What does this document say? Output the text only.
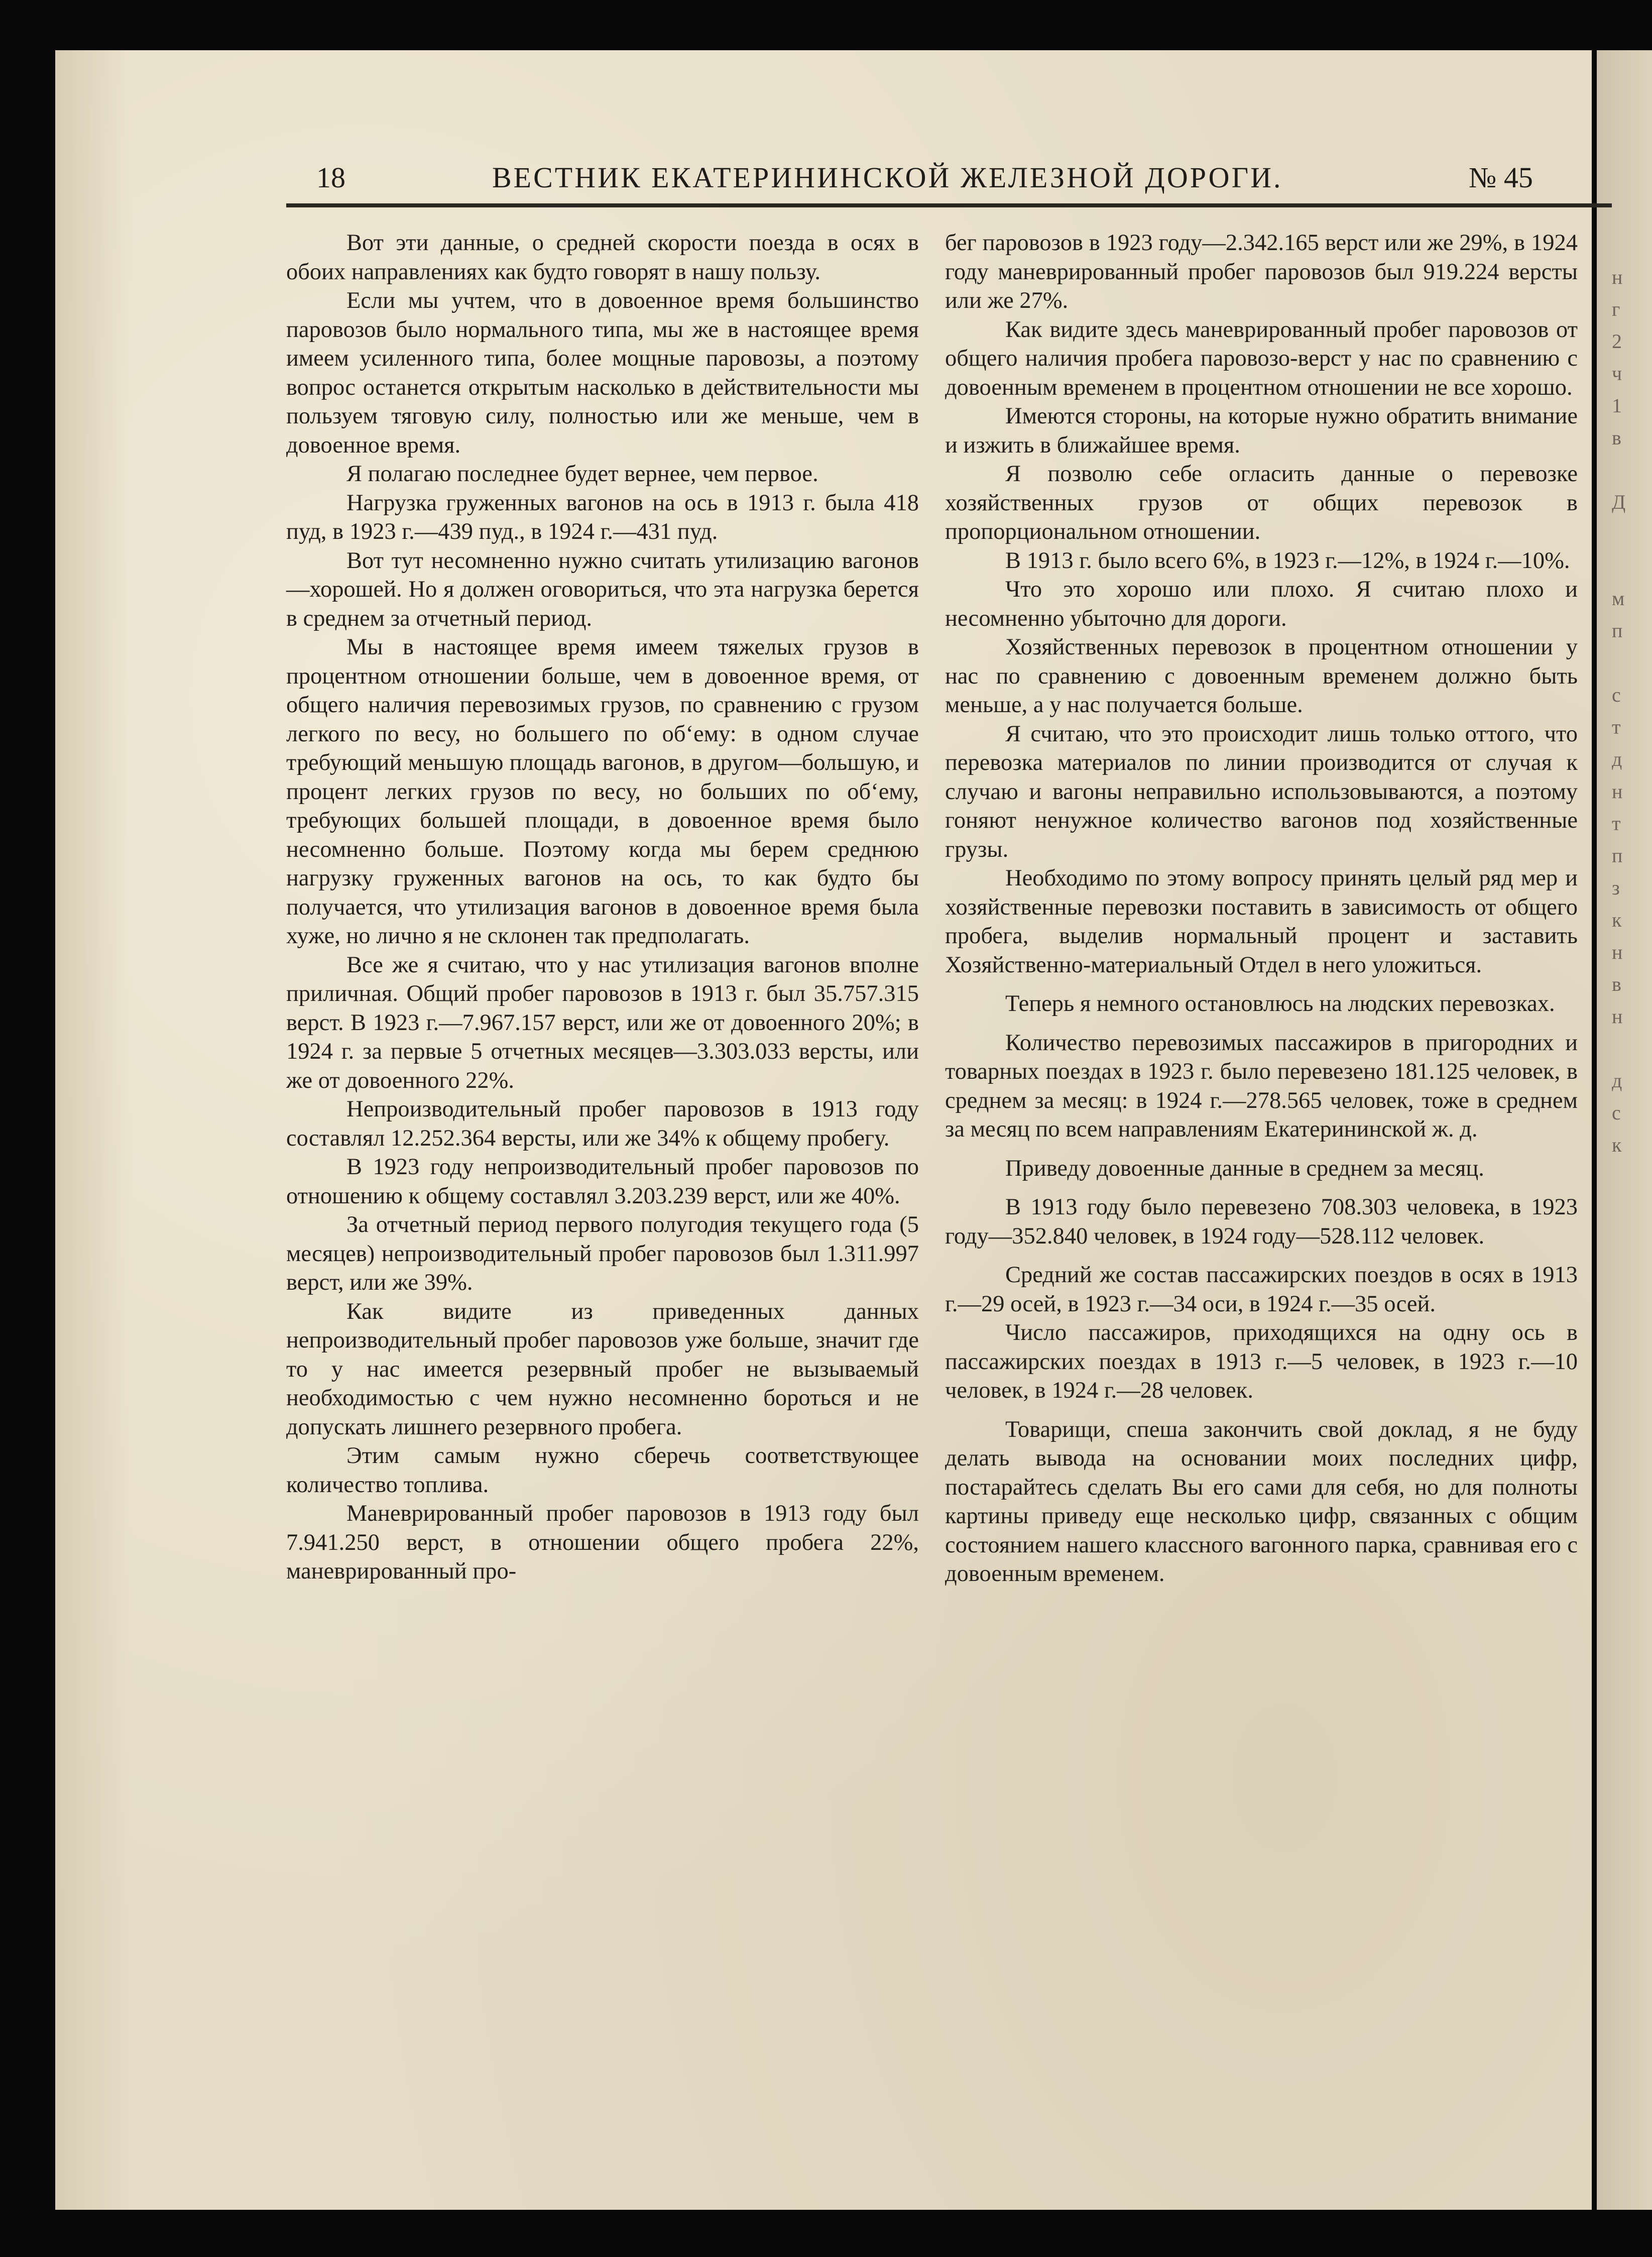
н
г
2
ч
1
в

Д

м
п

с
т
д
н
т
п
з
к
н
в
н

д
с
к
18	ВЕСТНИК ЕКАТЕРИНИНСКОЙ ЖЕЛЕЗНОЙ ДОРОГИ.	№ 45

Вот эти данные, о средней скорости поезда в осях в обоих направлениях как будто говорят в нашу пользу.

Если мы учтем, что в довоенное время большинство паровозов было нормального типа, мы же в настоящее время имеем усиленного типа, более мощные паровозы, а поэтому вопрос останется открытым насколько в действительности мы пользуем тяговую силу, полностью или же меньше, чем в довоенное время.

Я полагаю последнее будет вернее, чем первое.

Нагрузка груженных вагонов на ось в 1913 г. была 418 пуд, в 1923 г.—439 пуд., в 1924 г.—431 пуд.

Вот тут несомненно нужно считать утилизацию вагонов—хорошей. Но я должен оговориться, что эта нагрузка берется в среднем за отчетный период.

Мы в настоящее время имеем тяжелых грузов в процентном отношении больше, чем в довоенное время, от общего наличия перевозимых грузов, по сравнению с грузом легкого по весу, но большего по об‘ему: в одном случае требующий меньшую площадь вагонов, в другом—большую, и процент легких грузов по весу, но больших по об‘ему, требующих большей площади, в довоенное время было несомненно больше. Поэтому когда мы берем среднюю нагрузку груженных вагонов на ось, то как будто бы получается, что утилизация вагонов в довоенное время была хуже, но лично я не склонен так предполагать.

Все же я считаю, что у нас утилизация вагонов вполне приличная. Общий пробег паровозов в 1913 г. был 35.757.315 верст. В 1923 г.—7.967.157 верст, или же от довоенного 20%; в 1924 г. за первые 5 отчетных месяцев—3.303.033 версты, или же от довоенного 22%.

Непроизводительный пробег паровозов в 1913 году составлял 12.252.364 версты, или же 34% к общему пробегу.

В 1923 году непроизводительный пробег паровозов по отношению к общему составлял 3.203.239 верст, или же 40%.

За отчетный период первого полугодия текущего года (5 месяцев) непроизводительный пробег паровозов был 1.311.997 верст, или же 39%.

Как видите из приведенных данных непроизводительный пробег паровозов уже больше, значит где то у нас имеется резервный пробег не вызываемый необходимостью с чем нужно несомненно бороться и не допускать лишнего резервного пробега.

Этим самым нужно сберечь соответствующее количество топлива.

Маневрированный пробег паровозов в 1913 году был 7.941.250 верст, в отношении общего пробега 22%, маневрированный про-

бег паровозов в 1923 году—2.342.165 верст или же 29%, в 1924 году маневрированный пробег паровозов был 919.224 версты или же 27%.

Как видите здесь маневрированный пробег паровозов от общего наличия пробега паровозо-верст у нас по сравнению с довоенным временем в процентном отношении не все хорошо.

Имеются стороны, на которые нужно обратить внимание и изжить в ближайшее время.

Я позволю себе огласить данные о перевозке хозяйственных грузов от общих перевозок в пропорциональном отношении.

В 1913 г. было всего 6%, в 1923 г.—12%, в 1924 г.—10%.

Что это хорошо или плохо. Я считаю плохо и несомненно убыточно для дороги.

Хозяйственных перевозок в процентном отношении у нас по сравнению с довоенным временем должно быть меньше, а у нас получается больше.

Я считаю, что это происходит лишь только оттого, что перевозка материалов по линии производится от случая к случаю и вагоны неправильно использовываются, а поэтому гоняют ненужное количество вагонов под хозяйственные грузы.

Необходимо по этому вопросу принять целый ряд мер и хозяйственные перевозки поставить в зависимость от общего пробега, выделив нормальный процент и заставить Хозяйственно-материальный Отдел в него уложиться.

Теперь я немного остановлюсь на людских перевозках.

Количество перевозимых пассажиров в пригородних и товарных поездах в 1923 г. было перевезено 181.125 человек, в среднем за месяц: в 1924 г.—278.565 человек, тоже в среднем за месяц по всем направлениям Екатерининской ж. д.

Приведу довоенные данные в среднем за месяц.

В 1913 году было перевезено 708.303 человека, в 1923 году—352.840 человек, в 1924 году—528.112 человек.

Средний же состав пассажирских поездов в осях в 1913 г.—29 осей, в 1923 г.—34 оси, в 1924 г.—35 осей.

Число пассажиров, приходящихся на одну ось в пассажирских поездах в 1913 г.—5 человек, в 1923 г.—10 человек, в 1924 г.—28 человек.

Товарищи, спеша закончить свой доклад, я не буду делать вывода на основании моих последних цифр, постарайтесь сделать Вы его сами для себя, но для полноты картины приведу еще несколько цифр, связанных с общим состоянием нашего классного вагонного парка, сравнивая его с довоенным временем.
